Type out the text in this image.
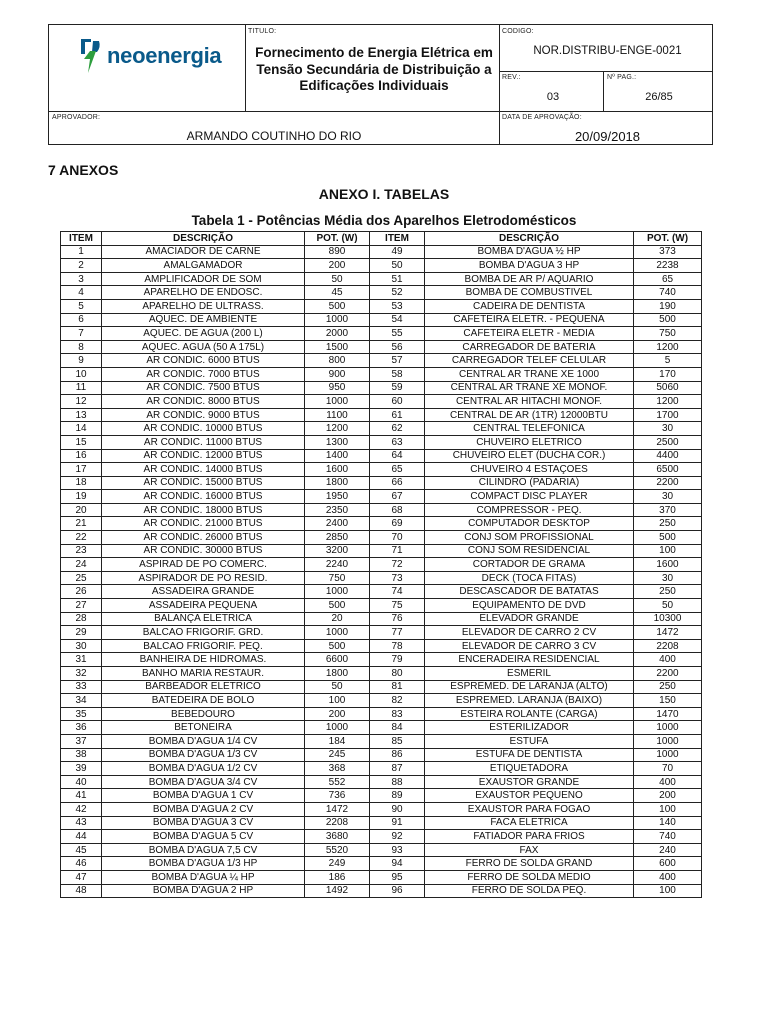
neoenergia
TITULO:
Fornecimento de Energia Elétrica em Tensão Secundária de Distribuição a Edificações Individuais
CODIGO:
NOR.DISTRIBU-ENGE-0021
REV.:
03
Nº PAG.:
26/85
APROVADOR:
ARMANDO COUTINHO DO RIO
DATA DE APROVAÇÃO:
20/09/2018
7 ANEXOS
ANEXO I. TABELAS
Tabela 1 - Potências Média dos Aparelhos Eletrodomésticos
ITEM	DESCRIÇÃO	POT. (W)	ITEM	DESCRIÇÃO	POT. (W)
1	AMACIADOR DE CARNE	890	49	BOMBA D'AGUA ½ HP	373
2	AMALGAMADOR	200	50	BOMBA D'AGUA 3 HP	2238
3	AMPLIFICADOR DE SOM	50	51	BOMBA DE AR P/ AQUARIO	65
4	APARELHO DE ENDOSC.	45	52	BOMBA DE COMBUSTIVEL	740
5	APARELHO DE ULTRASS.	500	53	CADEIRA DE DENTISTA	190
6	AQUEC. DE AMBIENTE	1000	54	CAFETEIRA ELETR. - PEQUENA	500
7	AQUEC. DE AGUA (200 L)	2000	55	CAFETEIRA ELETR - MEDIA	750
8	AQUEC. AGUA (50 A 175L)	1500	56	CARREGADOR DE BATERIA	1200
9	AR CONDIC. 6000 BTUS	800	57	CARREGADOR TELEF CELULAR	5
10	AR CONDIC. 7000 BTUS	900	58	CENTRAL AR TRANE XE 1000	170
11	AR CONDIC. 7500 BTUS	950	59	CENTRAL AR TRANE XE MONOF.	5060
12	AR CONDIC. 8000 BTUS	1000	60	CENTRAL AR HITACHI MONOF.	1200
13	AR CONDIC. 9000 BTUS	1100	61	CENTRAL DE AR (1TR) 12000BTU	1700
14	AR CONDIC. 10000 BTUS	1200	62	CENTRAL TELEFONICA	30
15	AR CONDIC. 11000 BTUS	1300	63	CHUVEIRO ELETRICO	2500
16	AR CONDIC. 12000 BTUS	1400	64	CHUVEIRO ELET (DUCHA COR.)	4400
17	AR CONDIC. 14000 BTUS	1600	65	CHUVEIRO 4 ESTAÇOES	6500
18	AR CONDIC. 15000 BTUS	1800	66	CILINDRO (PADARIA)	2200
19	AR CONDIC. 16000 BTUS	1950	67	COMPACT DISC PLAYER	30
20	AR CONDIC. 18000 BTUS	2350	68	COMPRESSOR - PEQ.	370
21	AR CONDIC. 21000 BTUS	2400	69	COMPUTADOR DESKTOP	250
22	AR CONDIC. 26000 BTUS	2850	70	CONJ SOM PROFISSIONAL	500
23	AR CONDIC. 30000 BTUS	3200	71	CONJ SOM RESIDENCIAL	100
24	ASPIRAD DE PO COMERC.	2240	72	CORTADOR DE GRAMA	1600
25	ASPIRADOR DE PO RESID.	750	73	DECK (TOCA FITAS)	30
26	ASSADEIRA GRANDE	1000	74	DESCASCADOR DE BATATAS	250
27	ASSADEIRA PEQUENA	500	75	EQUIPAMENTO DE DVD	50
28	BALANÇA ELETRICA	20	76	ELEVADOR GRANDE	10300
29	BALCAO FRIGORIF. GRD.	1000	77	ELEVADOR DE CARRO 2 CV	1472
30	BALCAO FRIGORIF. PEQ.	500	78	ELEVADOR DE CARRO 3 CV	2208
31	BANHEIRA DE HIDROMAS.	6600	79	ENCERADEIRA RESIDENCIAL	400
32	BANHO MARIA RESTAUR.	1800	80	ESMERIL	2200
33	BARBEADOR ELETRICO	50	81	ESPREMED. DE LARANJA (ALTO)	250
34	BATEDEIRA DE BOLO	100	82	ESPREMED. LARANJA (BAIXO)	150
35	BEBEDOURO	200	83	ESTEIRA ROLANTE (CARGA)	1470
36	BETONEIRA	1000	84	ESTERILIZADOR	1000
37	BOMBA D'AGUA 1/4 CV	184	85	ESTUFA	1000
38	BOMBA D'AGUA 1/3 CV	245	86	ESTUFA DE DENTISTA	1000
39	BOMBA D'AGUA 1/2 CV	368	87	ETIQUETADORA	70
40	BOMBA D'AGUA 3/4 CV	552	88	EXAUSTOR GRANDE	400
41	BOMBA D'AGUA 1 CV	736	89	EXAUSTOR PEQUENO	200
42	BOMBA D'AGUA 2 CV	1472	90	EXAUSTOR PARA FOGAO	100
43	BOMBA D'AGUA 3 CV	2208	91	FACA ELETRICA	140
44	BOMBA D'AGUA 5 CV	3680	92	FATIADOR PARA FRIOS	740
45	BOMBA D'AGUA 7,5 CV	5520	93	FAX	240
46	BOMBA D'AGUA 1/3 HP	249	94	FERRO DE SOLDA GRAND	600
47	BOMBA D'AGUA ¼ HP	186	95	FERRO DE SOLDA MEDIO	400
48	BOMBA D'AGUA 2 HP	1492	96	FERRO DE SOLDA PEQ.	100
